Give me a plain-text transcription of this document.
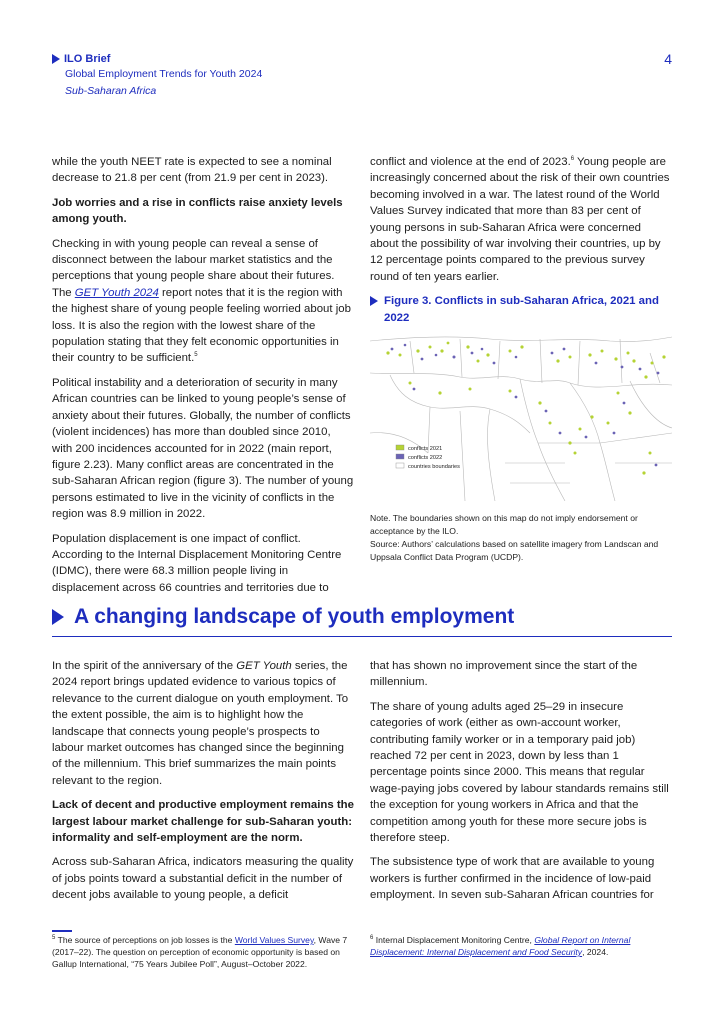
ILO Brief
Global Employment Trends for Youth 2024
Sub-Saharan Africa
4

while the youth NEET rate is expected to see a nominal decrease to 21.8 per cent (from 21.9 per cent in 2023).

Job worries and a rise in conflicts raise anxiety levels among youth.

Checking in with young people can reveal a sense of disconnect between the labour market statistics and the perceptions that young people share about their futures. The GET Youth 2024 report notes that it is the region with the highest share of young people feeling worried about job loss. It is also the region with the lowest share of the population stating that they felt economic opportunities in their country to be sufficient.$^5$

Political instability and a deterioration of security in many African countries can be linked to young people’s sense of anxiety about their futures. Globally, the number of conflicts (violent incidences) has more than doubled since 2010, with 200 incidences accounted for in 2022 (main report, figure 2.23). Many conflict areas are concentrated in the sub-Saharan African region (figure 3). The number of young persons estimated to live in the vicinity of conflicts in the region was 8.9 million in 2022.

Population displacement is one impact of conflict. According to the Internal Displacement Monitoring Centre (IDMC), there were 68.3 million people living in displacement across 66 countries and territories due to

conflict and violence at the end of 2023.$^6$ Young people are increasingly concerned about the risk of their own countries becoming involved in a war. The latest round of the World Values Survey indicated that more than 83 per cent of young persons in sub-Saharan Africa were concerned about the possibility of war involving their countries, up by 12 percentage points compared to the previous survey round of ten years earlier.

Figure 3. Conflicts in sub-Saharan Africa, 2021 and 2022
conflicts 2021
conflicts 2022
countries boundaries
Note. The boundaries shown on this map do not imply endorsement or acceptance by the ILO.
Source: Authors’ calculations based on satellite imagery from Landscan and Uppsala Conflict Data Program (UCDP).
A changing landscape of youth employment

In the spirit of the anniversary of the GET Youth series, the 2024 report brings updated evidence to various topics of relevance to the current dialogue on youth employment. To the extent possible, the aim is to highlight how the landscape that connects young people’s prospects to labour market outcomes has changed since the beginning of the millennium. This brief summarizes the main points relevant to the region.

Lack of decent and productive employment remains the largest labour market challenge for sub-Saharan youth: informality and self-employment are the norm.

Across sub-Saharan Africa, indicators measuring the quality of jobs points toward a substantial deficit in the number of decent jobs available to young people, a deficit

that has shown no improvement since the start of the millennium.

The share of young adults aged 25–29 in insecure categories of work (either as own-account worker, contributing family worker or in a temporary paid job) reached 72 per cent in 2023, down by less than 1 percentage points since 2000. This means that regular wage-paying jobs covered by labour standards remains still the exception for young workers in Africa and that the competition among youth for these more secure jobs is therefore steep.

The subsistence type of work that are available to young workers is further confirmed in the incidence of low-paid employment. In seven sub-Saharan African countries for

$^5$ The source of perceptions on job losses is the World Values Survey, Wave 7 (2017–22). The question on perception of economic opportunity is based on Gallup International, “75 Years Jubilee Poll”, August–October 2022.
$^6$ Internal Displacement Monitoring Centre, Global Report on Internal Displacement: Internal Displacement and Food Security, 2024.
